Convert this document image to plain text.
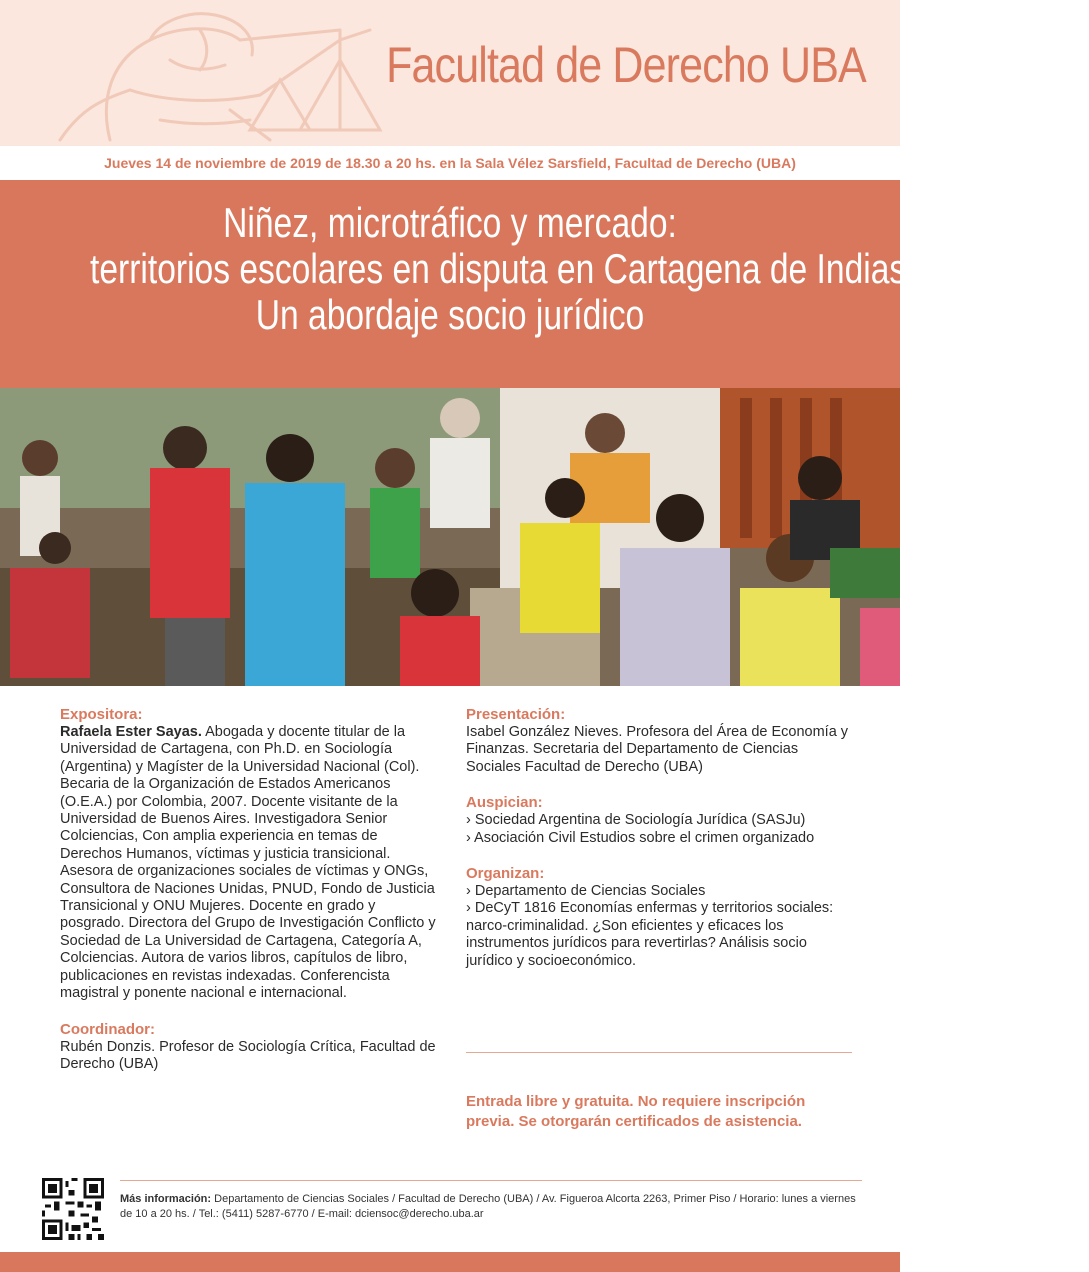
Facultad de Derecho UBA
Jueves 14 de noviembre de 2019 de 18.30 a 20 hs. en la Sala Vélez Sarsfield, Facultad de Derecho (UBA)
Niñez, microtráfico y mercado:
territorios escolares en disputa en Cartagena de Indias (Colombia).
Un abordaje socio jurídico
Expositora:

Rafaela Ester Sayas. Abogada y docente titular de la Universidad de Cartagena, con Ph.D. en Sociología (Argentina) y Magíster de la Universidad Nacional (Col). Becaria de la Organización de Estados Americanos (O.E.A.) por Colombia, 2007. Docente visitante de la Universidad de Buenos Aires. Investigadora Senior Colciencias, Con amplia experiencia en temas de Derechos Humanos, víctimas y justicia transicional. Asesora de organizaciones sociales de víctimas y ONGs, Consultora de Naciones Unidas, PNUD, Fondo de Justicia Transicional y ONU Mujeres. Docente en grado y posgrado. Directora del Grupo de Investigación Conflicto y Sociedad de La Universidad de Cartagena, Categoría A, Colciencias. Autora de varios libros, capítulos de libro, publicaciones en revistas indexadas. Conferencista magistral y ponente nacional e internacional.

Coordinador:

Rubén Donzis. Profesor de Sociología Crítica, Facultad de Derecho (UBA)

Presentación:

Isabel González Nieves. Profesora del Área de Economía y Finanzas. Secretaria del Departamento de Ciencias Sociales Facultad de Derecho (UBA)

Auspician:
› Sociedad Argentina de Sociología Jurídica (SASJu)
› Asociación Civil Estudios sobre el crimen organizado
Organizan:
› Departamento de Ciencias Sociales
› DeCyT 1816 Economías enfermas y territorios sociales: narco-criminalidad. ¿Son eficientes y eficaces los instrumentos jurídicos para revertirlas? Análisis socio jurídico y socioeconómico.
Entrada libre y gratuita. No requiere inscripción previa. Se otorgarán certificados de asistencia.
Más información: Departamento de Ciencias Sociales / Facultad de Derecho (UBA) / Av. Figueroa Alcorta 2263, Primer Piso / Horario: lunes a viernes de 10 a 20 hs. / Tel.: (5411) 5287-6770 / E-mail: dciensoc@derecho.uba.ar
